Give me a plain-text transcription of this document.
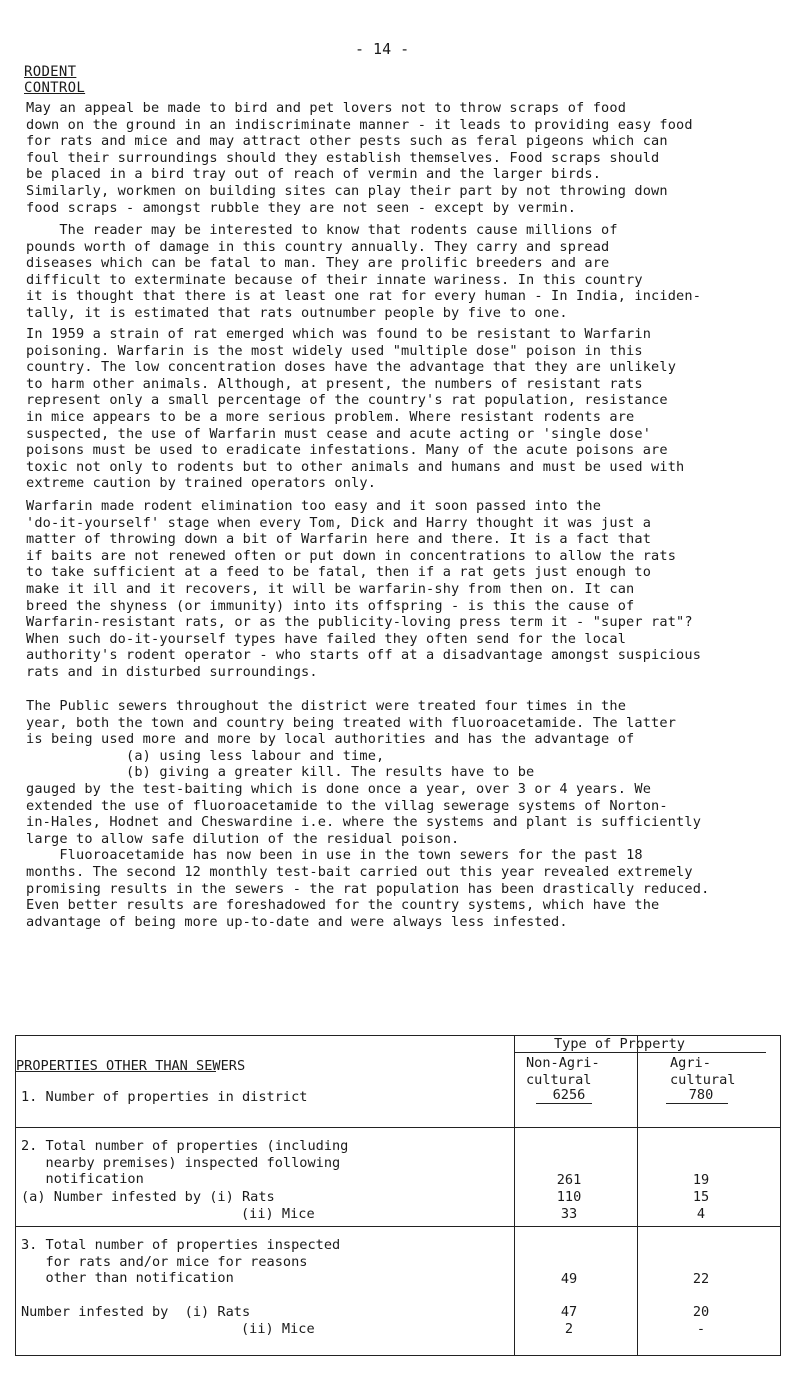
RODENT CONTROL
- 14 -
May an appeal be made to bird and pet lovers not to throw scraps of food
down on the ground in an indiscriminate manner - it leads to providing easy food
for rats and mice and may attract other pests such as feral pigeons which can
foul their surroundings should they establish themselves. Food scraps should
be placed in a bird tray out of reach of vermin and the larger birds.
Similarly, workmen on building sites can play their part by not throwing down
food scraps - amongst rubble they are not seen - except by vermin.
The reader may be interested to know that rodents cause millions of
pounds worth of damage in this country annually. They carry and spread
diseases which can be fatal to man. They are prolific breeders and are
difficult to exterminate because of their innate wariness. In this country
it is thought that there is at least one rat for every human - In India, inciden-
tally, it is estimated that rats outnumber people by five to one.
In 1959 a strain of rat emerged which was found to be resistant to Warfarin
poisoning. Warfarin is the most widely used "multiple dose" poison in this
country. The low concentration doses have the advantage that they are unlikely
to harm other animals. Although, at present, the numbers of resistant rats
represent only a small percentage of the country's rat population, resistance
in mice appears to be a more serious problem. Where resistant rodents are
suspected, the use of Warfarin must cease and acute acting or 'single dose'
poisons must be used to eradicate infestations. Many of the acute poisons are
toxic not only to rodents but to other animals and humans and must be used with
extreme caution by trained operators only.
Warfarin made rodent elimination too easy and it soon passed into the
'do-it-yourself' stage when every Tom, Dick and Harry thought it was just a
matter of throwing down a bit of Warfarin here and there. It is a fact that
if baits are not renewed often or put down in concentrations to allow the rats
to take sufficient at a feed to be fatal, then if a rat gets just enough to
make it ill and it recovers, it will be warfarin-shy from then on. It can
breed the shyness (or immunity) into its offspring - is this the cause of
Warfarin-resistant rats, or as the publicity-loving press term it - "super rat"?
When such do-it-yourself types have failed they often send for the local
authority's rodent operator - who starts off at a disadvantage amongst suspicious
rats and in disturbed surroundings.
The Public sewers throughout the district were treated four times in the
year, both the town and country being treated with fluoroacetamide. The latter
is being used more and more by local authorities and has the advantage of
(a) using less labour and time,
(b) giving a greater kill. The results have to be
gauged by the test-baiting which is done once a year, over 3 or 4 years. We
extended the use of fluoroacetamide to the villag sewerage systems of Norton-
in-Hales, Hodnet and Cheswardine i.e. where the systems and plant is sufficiently
large to allow safe dilution of the residual poison.
Fluoroacetamide has now been in use in the town sewers for the past 18
months. The second 12 monthly test-bait carried out this year revealed extremely
promising results in the sewers - the rat population has been drastically reduced.
Even better results are foreshadowed for the country systems, which have the
advantage of being more up-to-date and were always less infested.
PROPERTIES OTHER THAN SEWERS
Type of Property
Non-Agri-
cultural
Agri-
cultural
1. Number of properties in district	6256	780
2. Total number of properties (including
nearby premises) inspected following
notification	261	19
(a) Number infested by (i) Rats	110	15
(ii) Mice	33	4
3. Total number of properties inspected
for rats and/or mice for reasons
other than notification	49	22
Number infested by  (i) Rats	47	20
(ii) Mice	2	-
